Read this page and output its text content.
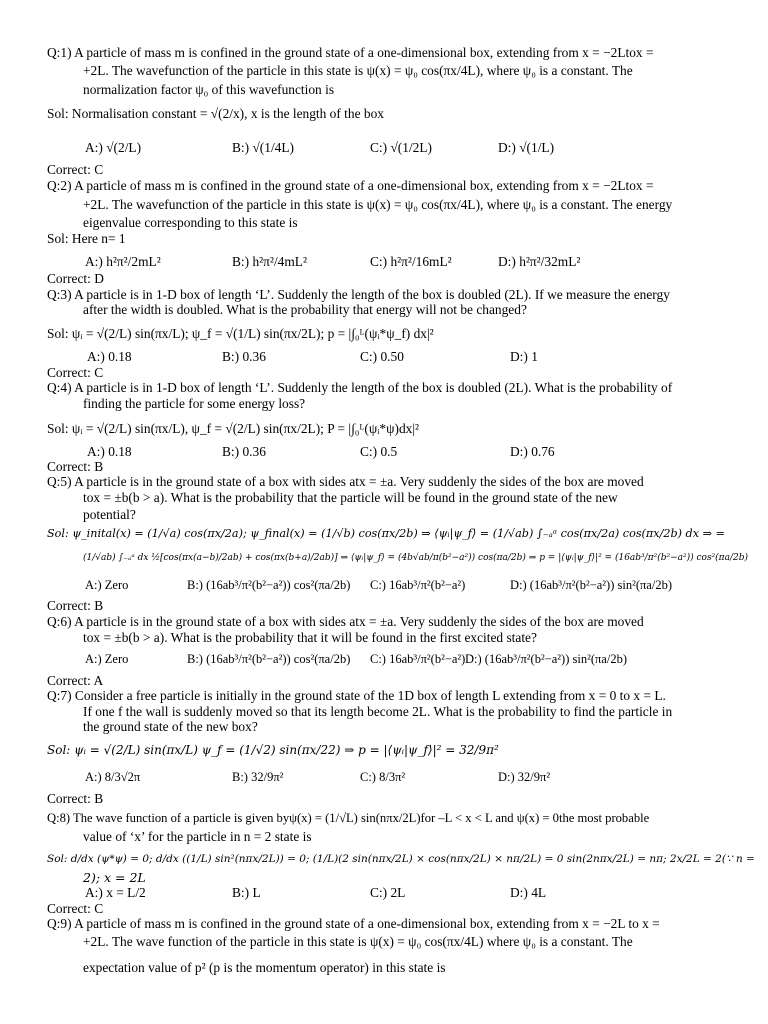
Q:1) A particle of mass m is confined in the ground state of a one-dimensional box, extending from x = −2Ltox =
+2L. The wavefunction of the particle in this state is ψ(x) = ψ₀ cos(πx/4L), where ψ₀ is a constant. The
normalization factor ψ₀ of this wavefunction is
Sol: Normalisation constant = √(2/x), x is the length of the box
A:) √(2/L)	B:) √(1/4L)	C:) √(1/2L)	D:) √(1/L)
Correct: C
Q:2) A particle of mass m is confined in the ground state of a one-dimensional box, extending from x = −2Ltox =
+2L. The wavefunction of the particle in this state is ψ(x) = ψ₀ cos(πx/4L), where ψ₀ is a constant. The energy
eigenvalue corresponding to this state is
Sol: Here n= 1
A:) h²π²/2mL²	B:) h²π²/4mL²	C:) h²π²/16mL²	D:) h²π²/32mL²
Correct: D
Q:3) A particle is in 1-D box of length ‘L’. Suddenly the length of the box is doubled (2L). If we measure the energy
after the width is doubled. What is the probability that energy will not be changed?
Sol: ψᵢ = √(2/L) sin(πx/L); ψ_f = √(1/L) sin(πx/2L); p = |∫₀ᴸ(ψᵢ*ψ_f) dx|²
A:) 0.18	B:) 0.36	C:) 0.50	D:) 1
Correct: C
Q:4) A particle is in 1-D box of length ‘L’. Suddenly the length of the box is doubled (2L). What is the probability of
finding the particle for some energy loss?
Sol: ψᵢ = √(2/L) sin(πx/L), ψ_f = √(2/L) sin(πx/2L); P = |∫₀ᴸ(ψᵢ*ψ)dx|²
A:) 0.18	B:) 0.36	C:) 0.5	D:) 0.76
Correct: B
Q:5) A particle is in the ground state of a box with sides atx = ±a. Very suddenly the sides of the box are moved
tox = ±b(b > a). What is the probability that the particle will be found in the ground state of the new
potential?
Sol: ψ_inital(x) = (1/√a) cos(πx/2a); ψ_final(x) = (1/√b) cos(πx/2b) ⇒ ⟨ψᵢ|ψ_f⟩ = (1/√ab) ∫₋ₐᵃ cos(πx/2a) cos(πx/2b) dx ⇒ =
(1/√ab) ∫₋ₐᵃ dx ½[cos(πx(a−b)/2ab) + cos(πx(b+a)/2ab)] ⇒ ⟨ψᵢ|ψ_f⟩ = (4b√ab/π(b²−a²)) cos(πa/2b) ⇒ p = |⟨ψᵢ|ψ_f⟩|² = (16ab³/π²(b²−a²)) cos²(πa/2b)
A:) Zero	B:) (16ab³/π²(b²−a²)) cos²(πa/2b) C:) 16ab³/π²(b²−a²)	D:) (16ab³/π²(b²−a²)) sin²(πa/2b)
Correct: B
Q:6) A particle is in the ground state of a box with sides atx = ±a. Very suddenly the sides of the box are moved
tox = ±b(b > a). What is the probability that it will be found in the first excited state?
A:) Zero	B:) (16ab³/π²(b²−a²)) cos²(πa/2b) C:) 16ab³/π²(b²−a²) D:) (16ab³/π²(b²−a²)) sin²(πa/2b)
Correct: A
Q:7) Consider a free particle is initially in the ground state of the 1D box of length L extending from x = 0 to x = L.
If one f the wall is suddenly moved so that its length become 2L. What is the probability to find the particle in
the ground state of the new box?
Sol: ψᵢ = √(2/L) sin(πx/L) ψ_f = (1/√2) sin(πx/22) ⇒ p = |⟨ψᵢ|ψ_f⟩|² = 32/9π²
A:) 8/3√2π	B:) 32/9π²	C:) 8/3π²	D:) 32/9π²
Correct: B
Q:8) The wave function of a particle is given byψ(x) = (1/√L) sin(nπx/2L)for –L < x < L and ψ(x) = 0the most probable
value of ‘x’ for the particle in n = 2 state is
Sol: d/dx (ψ*ψ) = 0; d/dx ((1/L) sin²(nπx/2L)) = 0; (1/L)(2 sin(nπx/2L) × cos(nπx/2L) × nπ/2L) = 0 sin(2nπx/2L) = nπ; 2x/2L = 2(∵ n =
2); x = 2L
A:) x = L/2	B:) L	C:) 2L	D:) 4L
Correct: C
Q:9) A particle of mass m is confined in the ground state of a one-dimensional box, extending from x = −2L to x =
+2L. The wave function of the particle in this state is ψ(x) = ψ₀ cos(πx/4L) where ψ₀ is a constant. The
expectation value of p² (p is the momentum operator) in this state is
